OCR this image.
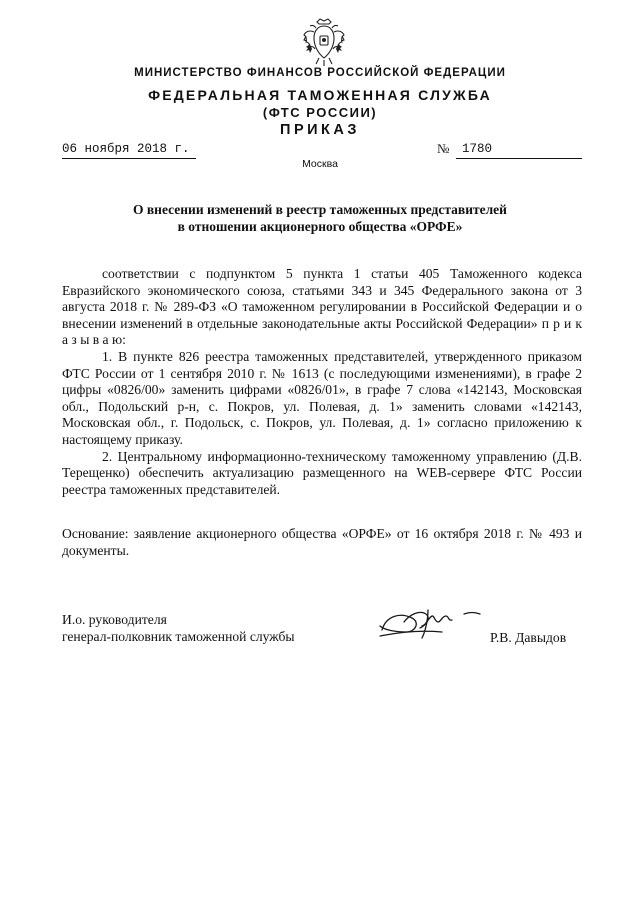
МИНИСТЕРСТВО ФИНАНСОВ РОССИЙСКОЙ ФЕДЕРАЦИИ
ФЕДЕРАЛЬНАЯ ТАМОЖЕННАЯ СЛУЖБА
(ФТС РОССИИ)
ПРИКАЗ
06 ноября 2018 г.	№	1780
Москва
О внесении изменений в реестр таможенных представителей
в отношении акционерного общества «ОРФЕ»

соответствии с подпунктом 5 пункта 1 статьи 405 Таможенного кодекса Евразийского экономического союза, статьями 343 и 345 Федерального закона от 3 августа 2018 г. № 289-ФЗ «О таможенном регулировании в Российской Федерации и о внесении изменений в отдельные законодательные акты Российской Федерации» п р и к а з ы в а ю:

1. В пункте 826 реестра таможенных представителей, утвержденного приказом ФТС России от 1 сентября 2010 г. № 1613 (с последующими изменениями), в графе 2 цифры «0826/00» заменить цифрами «0826/01», в графе 7 слова «142143, Московская обл., Подольский р-н, с. Покров, ул. Полевая, д. 1» заменить словами «142143, Московская обл., г. Подольск, с. Покров, ул. Полевая, д. 1» согласно приложению к настоящему приказу.

2. Центральному информационно-техническому таможенному управлению (Д.В. Терещенко) обеспечить актуализацию размещенного на WEB-сервере ФТС России реестра таможенных представителей.

Основание: заявление акционерного общества «ОРФЕ» от 16 октября 2018 г. № 493 и документы.
И.о. руководителя
генерал-полковник таможенной службы	Р.В. Давыдов
